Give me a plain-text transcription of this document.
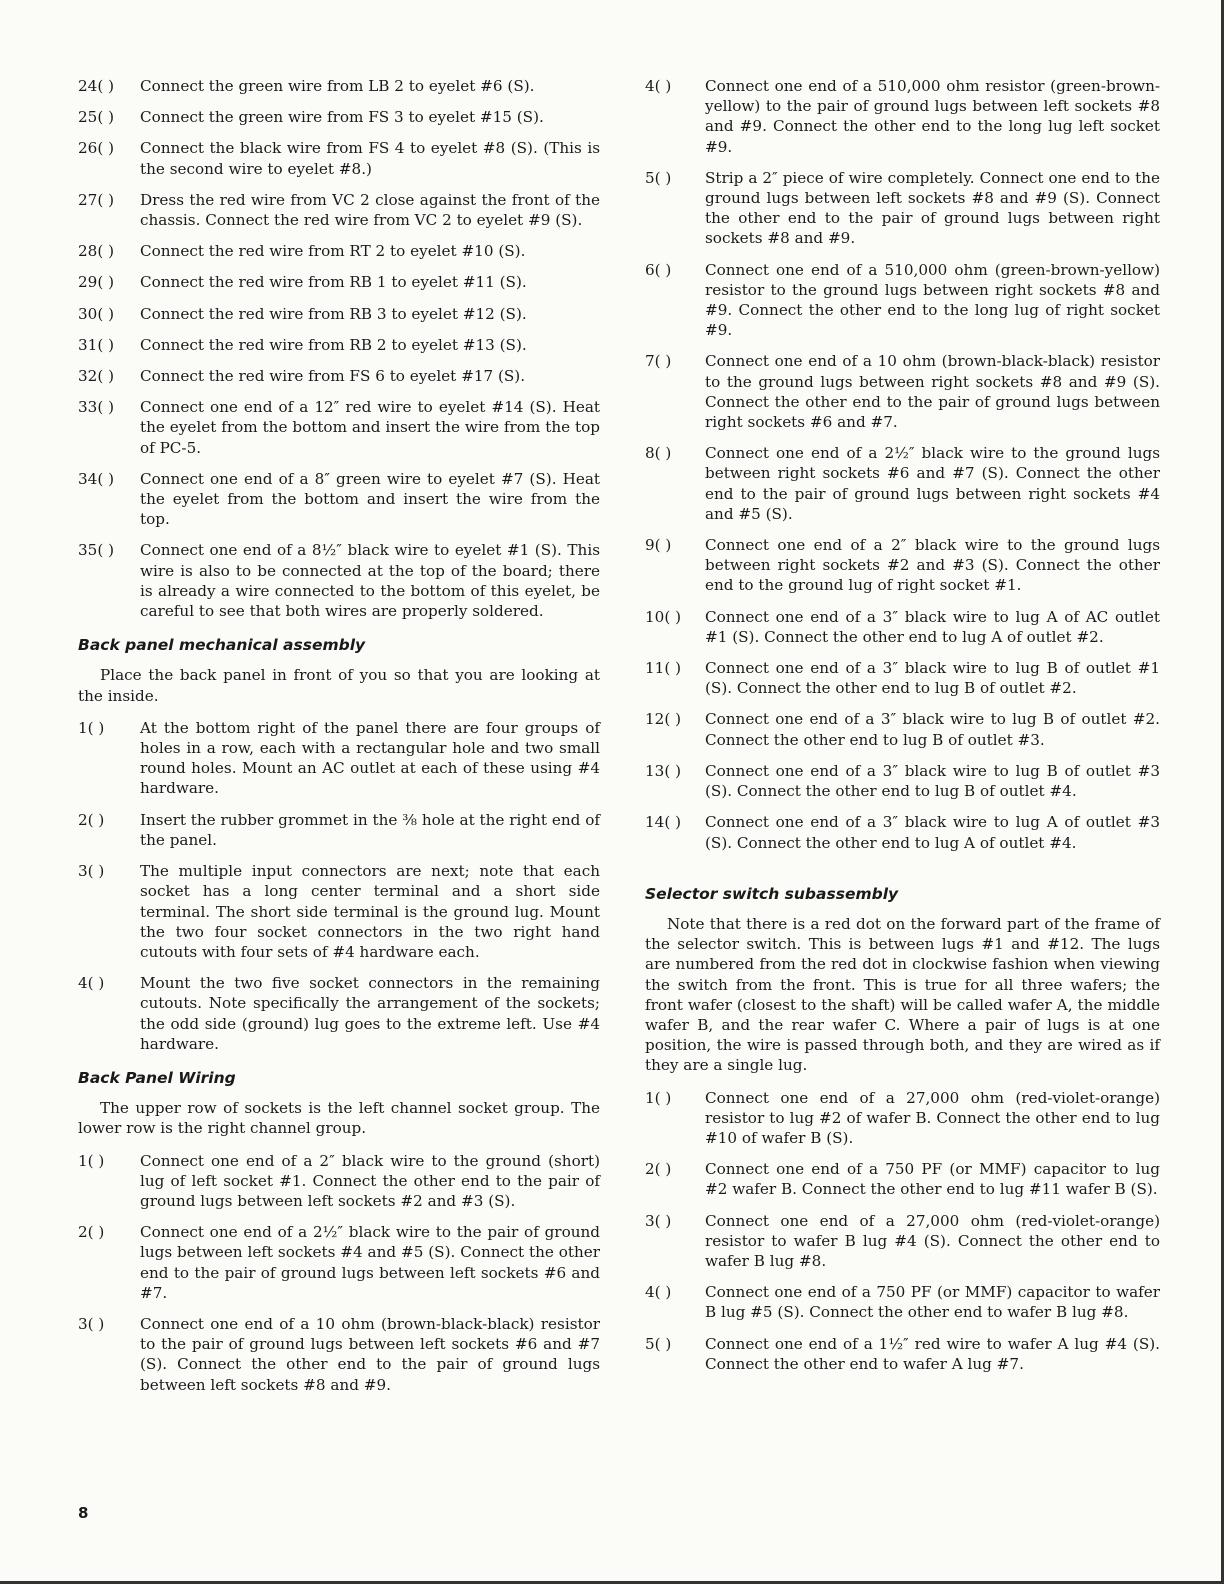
24( )	Connect the green wire from LB 2 to eyelet #6 (S).
25( )	Connect the green wire from FS 3 to eyelet #15 (S).
26( )	Connect the black wire from FS 4 to eyelet #8 (S). (This is the second wire to eyelet #8.)
27( )	Dress the red wire from VC 2 close against the front of the chassis. Connect the red wire from VC 2 to eyelet #9 (S).
28( )	Connect the red wire from RT 2 to eyelet #10 (S).
29( )	Connect the red wire from RB 1 to eyelet #11 (S).
30( )	Connect the red wire from RB 3 to eyelet #12 (S).
31( )	Connect the red wire from RB 2 to eyelet #13 (S).
32( )	Connect the red wire from FS 6 to eyelet #17 (S).
33( )	Connect one end of a 12″ red wire to eyelet #14 (S). Heat the eyelet from the bottom and insert the wire from the top of PC-5.
34( )	Connect one end of a 8″ green wire to eyelet #7 (S). Heat the eyelet from the bottom and insert the wire from the top.
35( )	Connect one end of a 8½″ black wire to eyelet #1 (S). This wire is also to be connected at the top of the board; there is already a wire connected to the bottom of this eyelet, be careful to see that both wires are properly soldered.
Back panel mechanical assembly
Place the back panel in front of you so that you are looking at the inside.
1( )	At the bottom right of the panel there are four groups of holes in a row, each with a rectangular hole and two small round holes. Mount an AC outlet at each of these using #4 hardware.
2( )	Insert the rubber grommet in the ⅜ hole at the right end of the panel.
3( )	The multiple input connectors are next; note that each socket has a long center terminal and a short side terminal. The short side terminal is the ground lug. Mount the two four socket connectors in the two right hand cutouts with four sets of #4 hardware each.
4( )	Mount the two five socket connectors in the remaining cutouts. Note specifically the arrangement of the sockets; the odd side (ground) lug goes to the extreme left. Use #4 hardware.
Back Panel Wiring
The upper row of sockets is the left channel socket group. The lower row is the right channel group.
1( )	Connect one end of a 2″ black wire to the ground (short) lug of left socket #1. Connect the other end to the pair of ground lugs between left sockets #2 and #3 (S).
2( )	Connect one end of a 2½″ black wire to the pair of ground lugs between left sockets #4 and #5 (S). Connect the other end to the pair of ground lugs between left sockets #6 and #7.
3( )	Connect one end of a 10 ohm (brown-black-black) resistor to the pair of ground lugs between left sockets #6 and #7 (S). Connect the other end to the pair of ground lugs between left sockets #8 and #9.
4( )	Connect one end of a 510,000 ohm resistor (green-brown-yellow) to the pair of ground lugs between left sockets #8 and #9. Connect the other end to the long lug left socket #9.
5( )	Strip a 2″ piece of wire completely. Connect one end to the ground lugs between left sockets #8 and #9 (S). Connect the other end to the pair of ground lugs between right sockets #8 and #9.
6( )	Connect one end of a 510,000 ohm (green-brown-yellow) resistor to the ground lugs between right sockets #8 and #9. Connect the other end to the long lug of right socket #9.
7( )	Connect one end of a 10 ohm (brown-black-black) resistor to the ground lugs between right sockets #8 and #9 (S). Connect the other end to the pair of ground lugs between right sockets #6 and #7.
8( )	Connect one end of a 2½″ black wire to the ground lugs between right sockets #6 and #7 (S). Connect the other end to the pair of ground lugs between right sockets #4 and #5 (S).
9( )	Connect one end of a 2″ black wire to the ground lugs between right sockets #2 and #3 (S). Connect the other end to the ground lug of right socket #1.
10( )	Connect one end of a 3″ black wire to lug A of AC outlet #1 (S). Connect the other end to lug A of outlet #2.
11( )	Connect one end of a 3″ black wire to lug B of outlet #1 (S). Connect the other end to lug B of outlet #2.
12( )	Connect one end of a 3″ black wire to lug B of outlet #2. Connect the other end to lug B of outlet #3.
13( )	Connect one end of a 3″ black wire to lug B of outlet #3 (S). Connect the other end to lug B of outlet #4.
14( )	Connect one end of a 3″ black wire to lug A of outlet #3 (S). Connect the other end to lug A of outlet #4.
Selector switch subassembly
Note that there is a red dot on the forward part of the frame of the selector switch. This is between lugs #1 and #12. The lugs are numbered from the red dot in clockwise fashion when viewing the switch from the front. This is true for all three wafers; the front wafer (closest to the shaft) will be called wafer A, the middle wafer B, and the rear wafer C. Where a pair of lugs is at one position, the wire is passed through both, and they are wired as if they are a single lug.
1( )	Connect one end of a 27,000 ohm (red-violet-orange) resistor to lug #2 of wafer B. Connect the other end to lug #10 of wafer B (S).
2( )	Connect one end of a 750 PF (or MMF) capacitor to lug #2 wafer B. Connect the other end to lug #11 wafer B (S).
3( )	Connect one end of a 27,000 ohm (red-violet-orange) resistor to wafer B lug #4 (S). Connect the other end to wafer B lug #8.
4( )	Connect one end of a 750 PF (or MMF) capacitor to wafer B lug #5 (S). Connect the other end to wafer B lug #8.
5( )	Connect one end of a 1½″ red wire to wafer A lug #4 (S). Connect the other end to wafer A lug #7.
8
